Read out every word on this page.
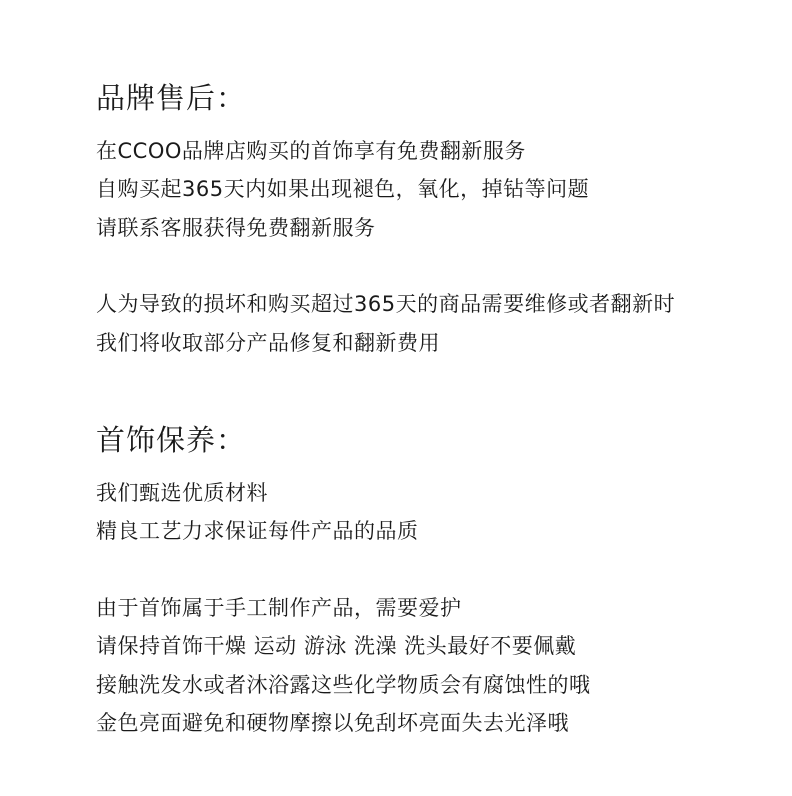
品牌售后：

在CCOO品牌店购买的首饰享有免费翻新服务

自购买起365天内如果出现褪色，氧化，掉钻等问题

请联系客服获得免费翻新服务

人为导致的损坏和购买超过365天的商品需要维修或者翻新时

我们将收取部分产品修复和翻新费用

首饰保养：

我们甄选优质材料

精良工艺力求保证每件产品的品质

由于首饰属于手工制作产品，需要爱护

请保持首饰干燥 运动 游泳 洗澡 洗头最好不要佩戴

接触洗发水或者沐浴露这些化学物质会有腐蚀性的哦

金色亮面避免和硬物摩擦以免刮坏亮面失去光泽哦
